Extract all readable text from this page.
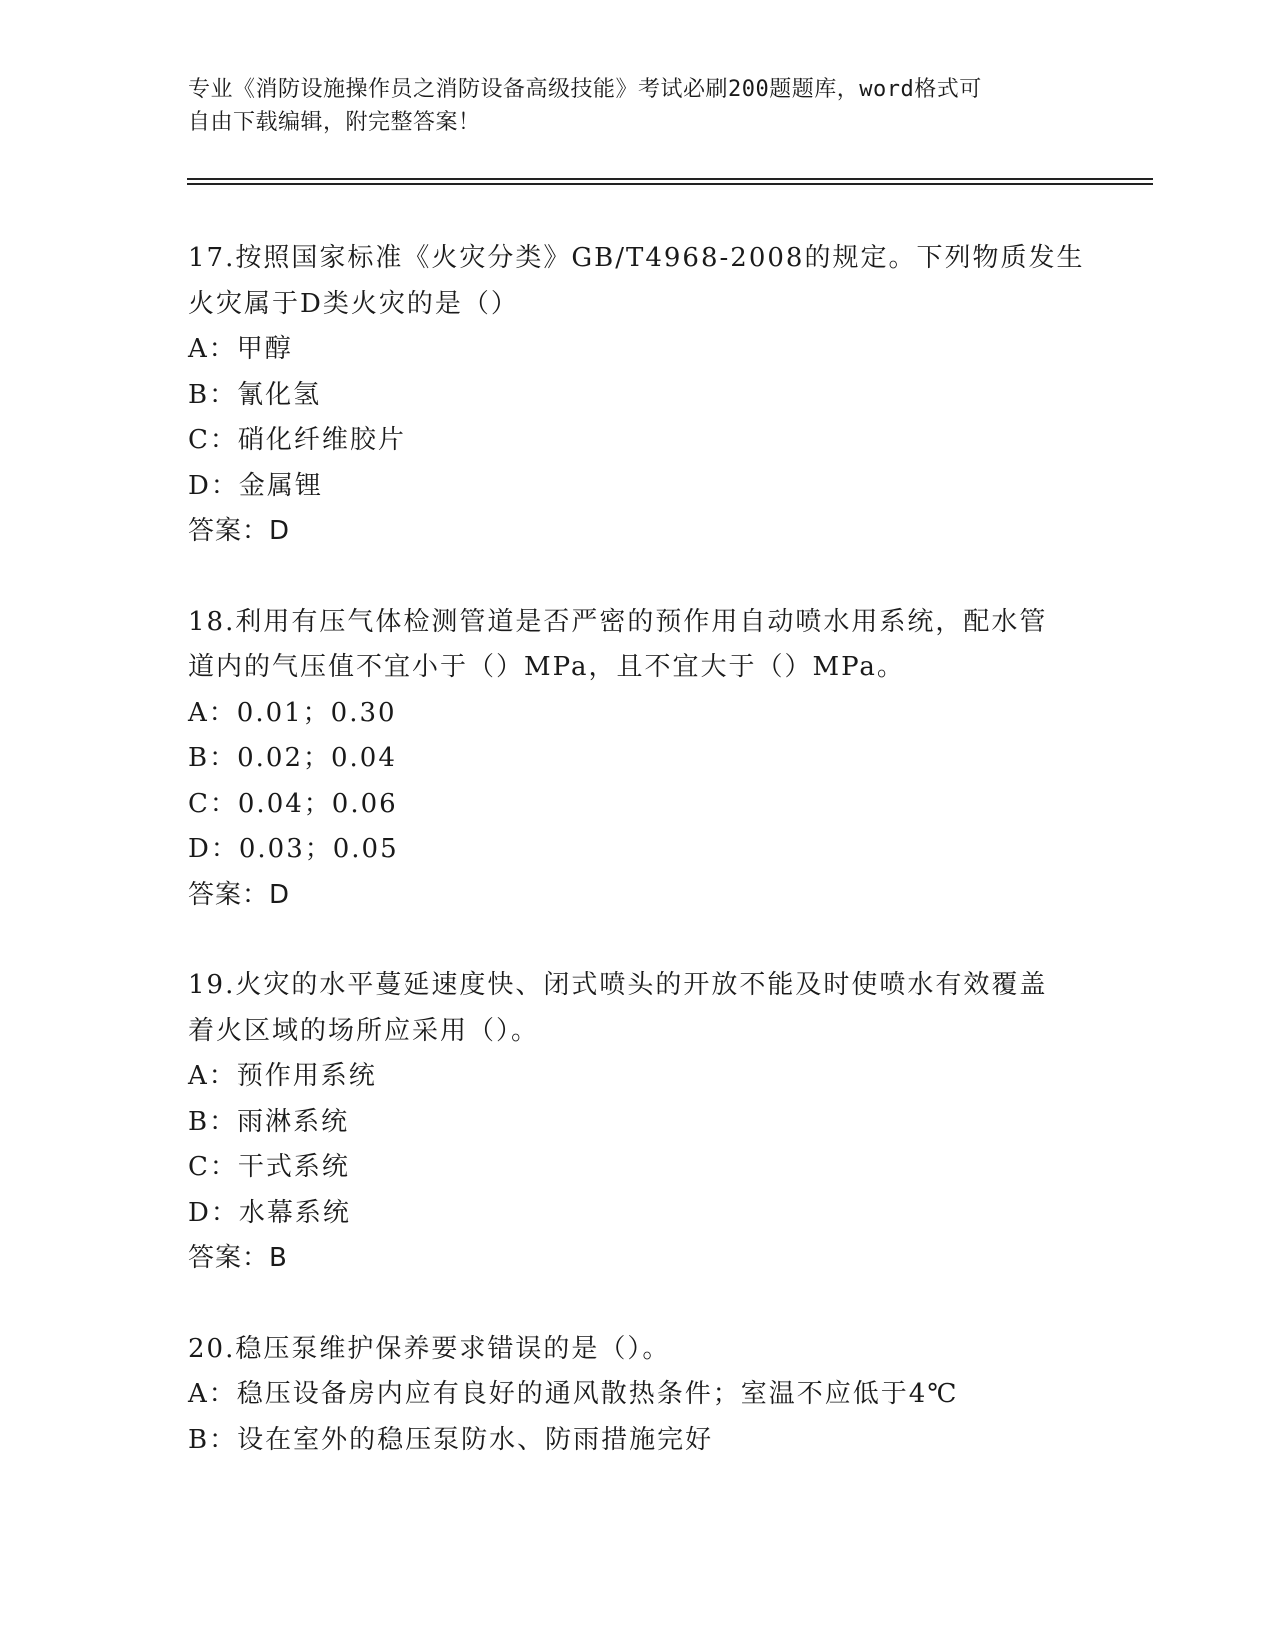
专业《消防设施操作员之消防设备高级技能》考试必刷200题题库，word格式可
自由下载编辑，附完整答案！
17.按照国家标准《火灾分类》GB/T4968-2008的规定。下列物质发生
火灾属于D类火灾的是（）
A：甲醇
B：氰化氢
C：硝化纤维胶片
D：金属锂
答案：D
18.利用有压气体检测管道是否严密的预作用自动喷水用系统，配水管
道内的气压值不宜小于（）MPa，且不宜大于（）MPa。
A：0.01；0.30
B：0.02；0.04
C：0.04；0.06
D：0.03；0.05
答案：D
19.火灾的水平蔓延速度快、闭式喷头的开放不能及时使喷水有效覆盖
着火区域的场所应采用（）。
A：预作用系统
B：雨淋系统
C：干式系统
D：水幕系统
答案：B
20.稳压泵维护保养要求错误的是（）。
A：稳压设备房内应有良好的通风散热条件；室温不应低于4℃
B：设在室外的稳压泵防水、防雨措施完好
